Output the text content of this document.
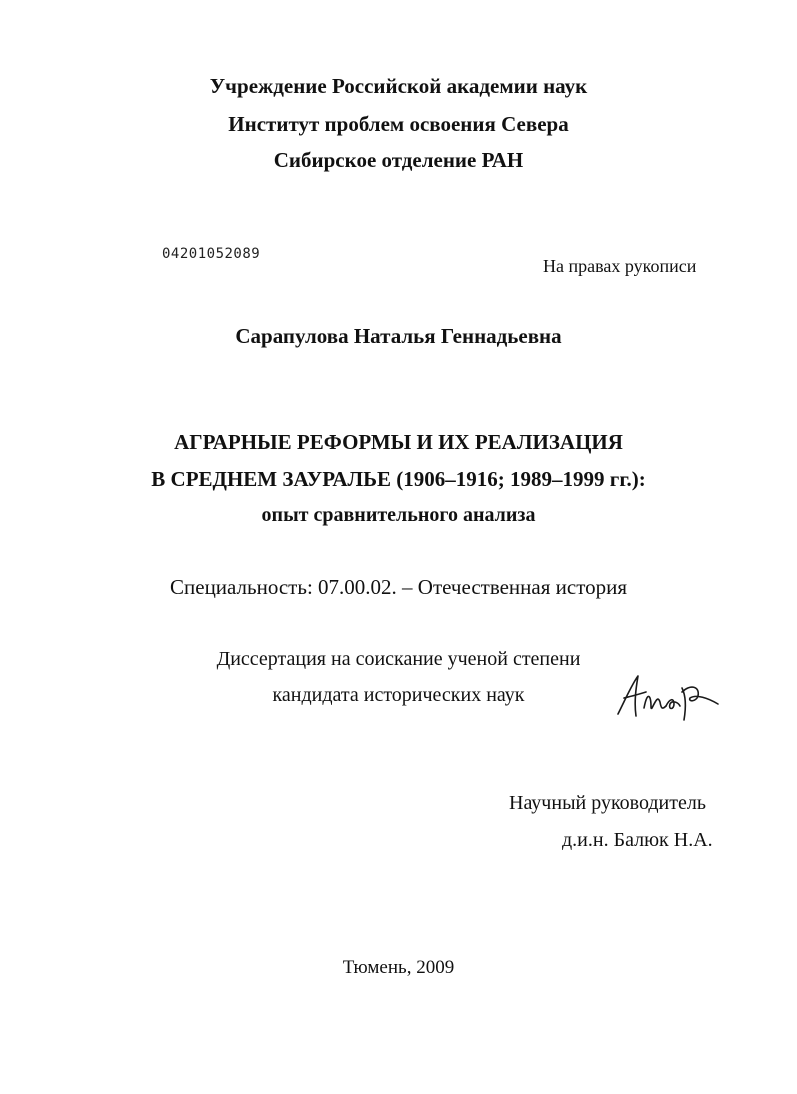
Учреждение Российской академии наук
Институт проблем освоения Севера
Сибирское отделение РАН
04201052089
На правах рукописи
Сарапулова Наталья Геннадьевна
АГРАРНЫЕ РЕФОРМЫ И ИХ РЕАЛИЗАЦИЯ
В СРЕДНЕМ ЗАУРАЛЬЕ (1906–1916; 1989–1999 гг.):
опыт сравнительного анализа
Специальность: 07.00.02. – Отечественная история
Диссертация на соискание ученой степени
кандидата исторических наук
Научный руководитель
д.и.н. Балюк Н.А.
Тюмень, 2009
